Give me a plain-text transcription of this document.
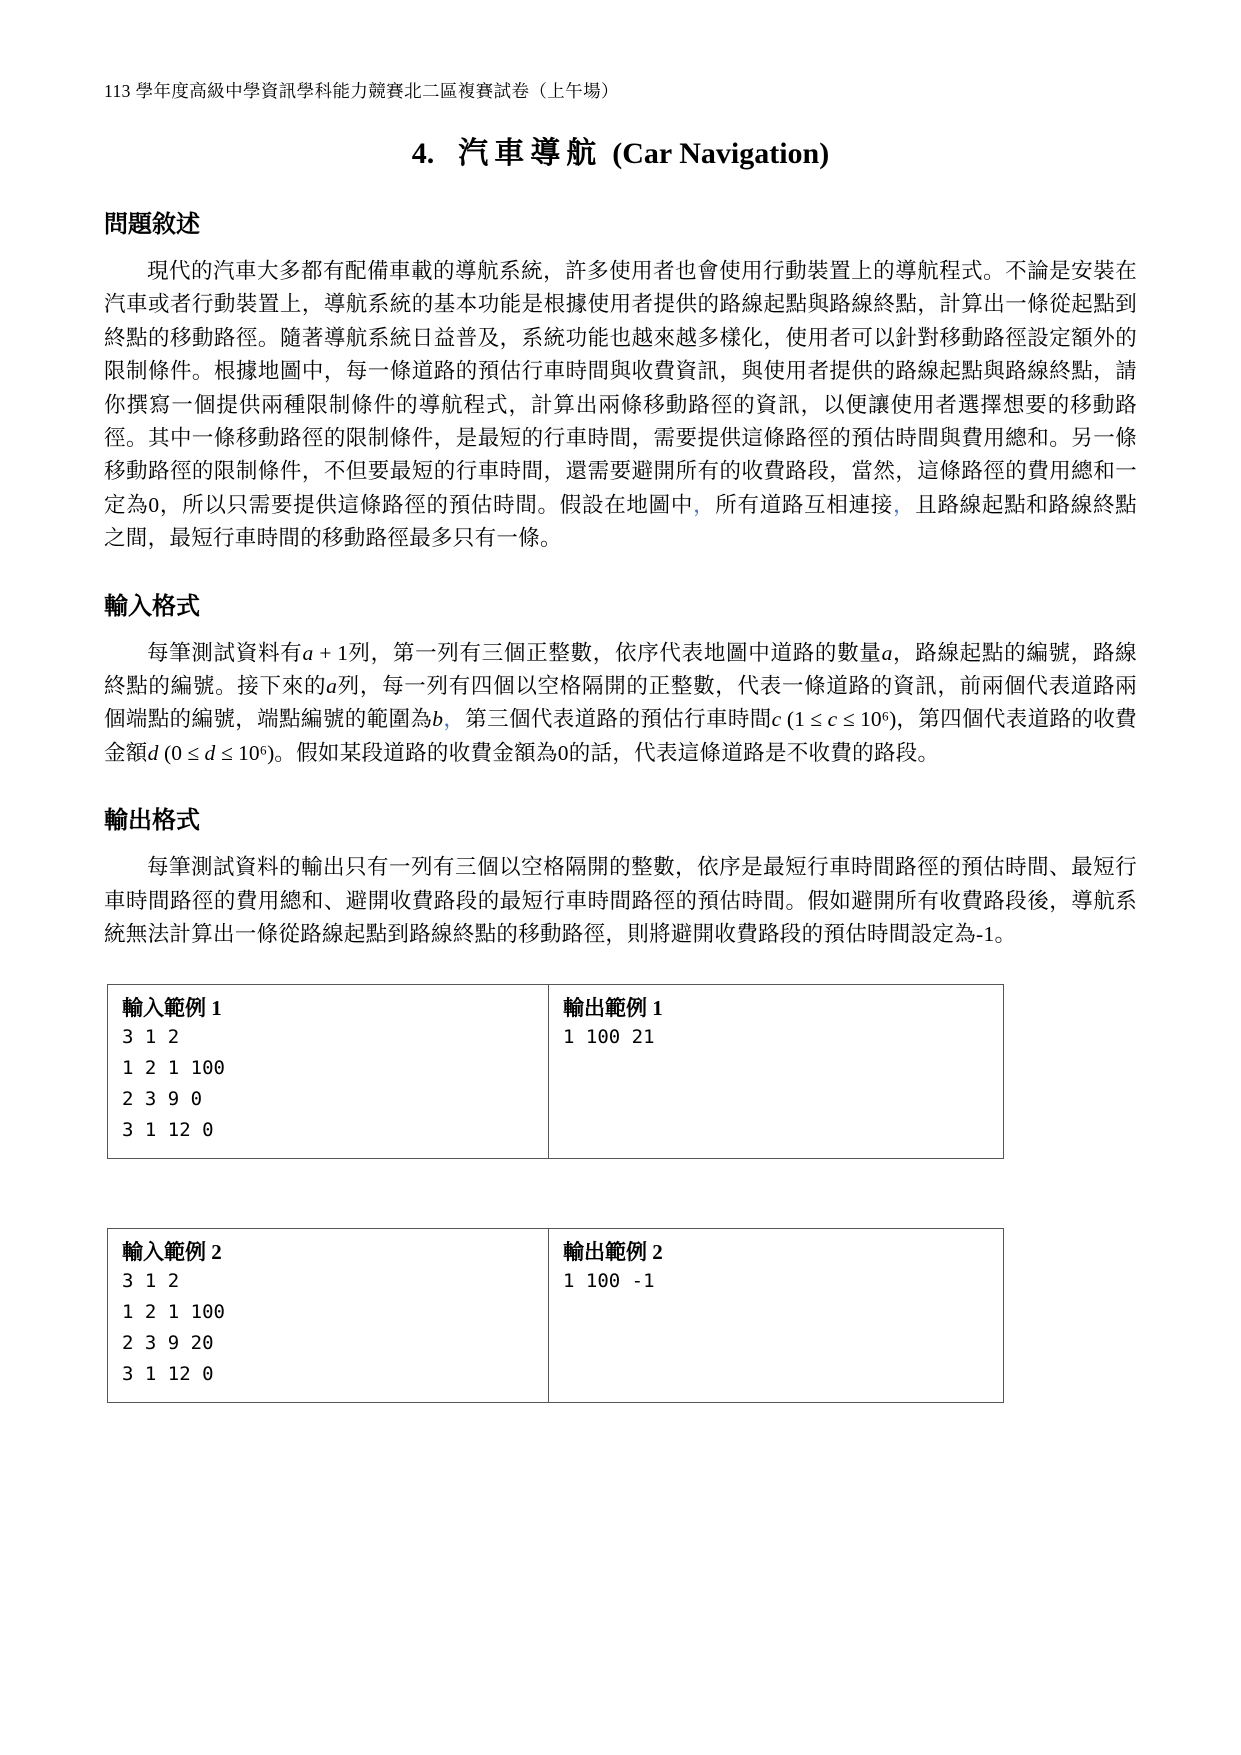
113 學年度高級中學資訊學科能力競賽北二區複賽試卷（上午場）
4. 汽車導航 (Car Navigation)
問題敘述

現代的汽車大多都有配備車載的導航系統，許多使用者也會使用行動裝置上的導航程式。不論是安裝在汽車或者行動裝置上，導航系統的基本功能是根據使用者提供的路線起點與路線終點，計算出一條從起點到終點的移動路徑。隨著導航系統日益普及，系統功能也越來越多樣化，使用者可以針對移動路徑設定額外的限制條件。根據地圖中，每一條道路的預估行車時間與收費資訊，與使用者提供的路線起點與路線終點，請你撰寫一個提供兩種限制條件的導航程式，計算出兩條移動路徑的資訊，以便讓使用者選擇想要的移動路徑。其中一條移動路徑的限制條件，是最短的行車時間，需要提供這條路徑的預估時間與費用總和。另一條移動路徑的限制條件，不但要最短的行車時間，還需要避開所有的收費路段，當然，這條路徑的費用總和一定為0，所以只需要提供這條路徑的預估時間。假設在地圖中，所有道路互相連接，且路線起點和路線終點之間，最短行車時間的移動路徑最多只有一條。

輸入格式

每筆測試資料有a + 1列，第一列有三個正整數，依序代表地圖中道路的數量a，路線起點的編號，路線終點的編號。接下來的a列，每一列有四個以空格隔開的正整數，代表一條道路的資訊，前兩個代表道路兩個端點的編號，端點編號的範圍為b，第三個代表道路的預估行車時間c (1 ≤ c ≤ 10⁶)，第四個代表道路的收費金額d (0 ≤ d ≤ 10⁶)。假如某段道路的收費金額為0的話，代表這條道路是不收費的路段。

輸出格式

每筆測試資料的輸出只有一列有三個以空格隔開的整數，依序是最短行車時間路徑的預估時間、最短行車時間路徑的費用總和、避開收費路段的最短行車時間路徑的預估時間。假如避開所有收費路段後，導航系統無法計算出一條從路線起點到路線終點的移動路徑，則將避開收費路段的預估時間設定為-1。

輸入範例 1
3 1 2
1 2 1 100
2 3 9 0
3 1 12 0
輸出範例 1
1 100 21
輸入範例 2
3 1 2
1 2 1 100
2 3 9 20
3 1 12 0
輸出範例 2
1 100 -1
